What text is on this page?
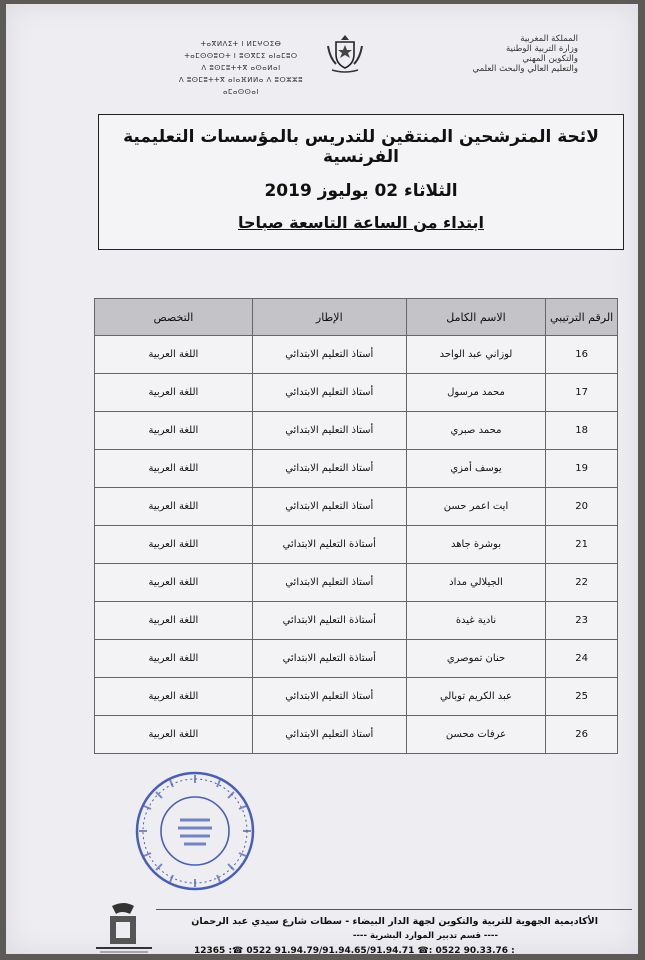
المملكة المغربية
وزارة التربية الوطنية
والتكوين المهني
والتعليم العالي والبحث العلمي
ⵜⴰⴳⵍⴷⵉⵜ ⵏ ⵍⵎⵖⵔⵉⴱ
ⵜⴰⵎⵙⵙⵓⵔⵜ ⵏ ⵓⵙⴳⵎⵉ ⴰⵏⴰⵎⵓⵔ
ⴷ ⵓⵙⵎⵓⵜⵜⴳ ⴰⵙⴰⵍⴰⵏ
ⴷ ⵓⵙⵎⵓⵜⵜⴳ ⴰⵏⴰⴼⵍⵍⴰ ⴷ ⵓⵔⵣⵣⵓ ⴰⵎⴰⵙⵙⴰⵏ
لائحة المترشحين المنتقين للتدريس بالمؤسسات التعليمية الفرنسية
الثلاثاء 02 يوليوز 2019
ابتداء من الساعة التاسعة صباحا
الرقم الترتيبي	الاسم الكامل	الإطار	التخصص
16	لوزاني عبد الواحد	أستاذ التعليم الابتدائي	اللغة العربية
17	محمد مرسول	أستاذ التعليم الابتدائي	اللغة العربية
18	محمد صبري	أستاذ التعليم الابتدائي	اللغة العربية
19	يوسف أمزي	أستاذ التعليم الابتدائي	اللغة العربية
20	ايت اعمر حسن	أستاذ التعليم الابتدائي	اللغة العربية
21	بوشرة جاهد	أستاذة التعليم الابتدائي	اللغة العربية
22	الجيلالي مداد	أستاذ التعليم الابتدائي	اللغة العربية
23	نادية غيدة	أستاذة التعليم الابتدائي	اللغة العربية
24	حنان تموصري	أستاذة التعليم الابتدائي	اللغة العربية
25	عبد الكريم توبالي	أستاذ التعليم الابتدائي	اللغة العربية
26	عرفات محسن	أستاذ التعليم الابتدائي	اللغة العربية
الأكاديمية الجهوية للتربية والتكوين لجهة الدار البيضاء - سطات شارع سيدي عبد الرحمان
---- قسم تدبير الموارد البشرية ----
12365 :☎ 0522 91.94.79/91.94.65/91.94.71 ☎: 0522 90.33.76 :
